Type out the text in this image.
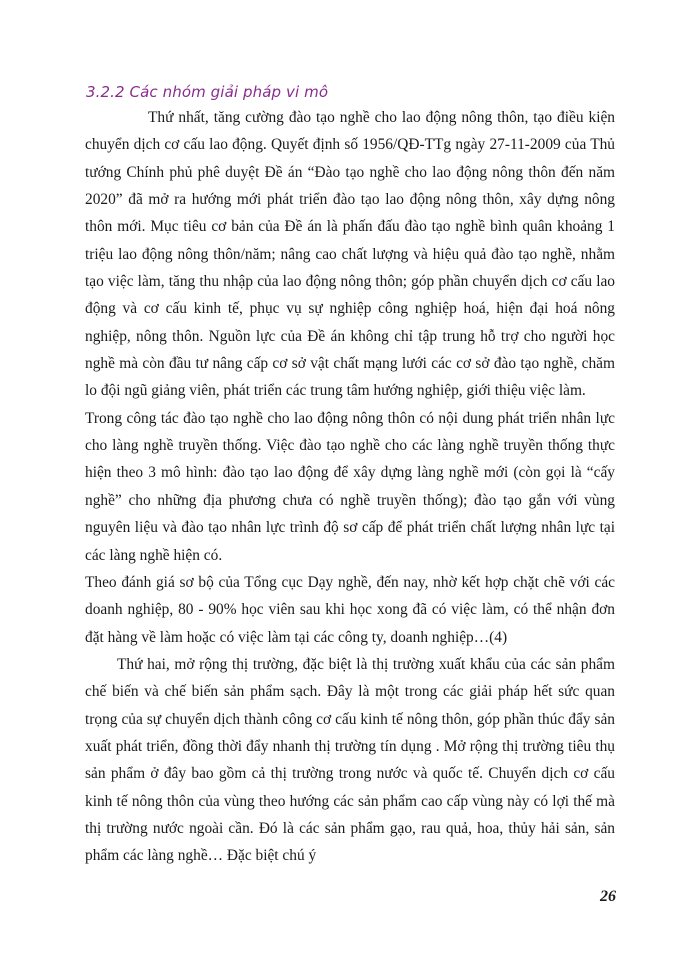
3.2.2 Các nhóm giải pháp vi mô

Thứ nhất, tăng cường đào tạo nghề cho lao động nông thôn, tạo điều kiện chuyển dịch cơ cấu lao động. Quyết định số 1956/QĐ-TTg ngày 27-11-2009 của Thủ tướng Chính phủ phê duyệt Đề án “Đào tạo nghề cho lao động nông thôn đến năm 2020” đã mở ra hướng mới phát triển đào tạo lao động nông thôn, xây dựng nông thôn mới. Mục tiêu cơ bản của Đề án là phấn đấu đào tạo nghề bình quân khoảng 1 triệu lao động nông thôn/năm; nâng cao chất lượng và hiệu quả đào tạo nghề, nhằm tạo việc làm, tăng thu nhập của lao động nông thôn; góp phần chuyển dịch cơ cấu lao động và cơ cấu kinh tế, phục vụ sự nghiệp công nghiệp hoá, hiện đại hoá nông nghiệp, nông thôn. Nguồn lực của Đề án không chỉ tập trung hỗ trợ cho người học nghề mà còn đầu tư nâng cấp cơ sở vật chất mạng lưới các cơ sở đào tạo nghề, chăm lo đội ngũ giảng viên, phát triển các trung tâm hướng nghiệp, giới thiệu việc làm.

Trong công tác đào tạo nghề cho lao động nông thôn có nội dung phát triển nhân lực cho làng nghề truyền thống. Việc đào tạo nghề cho các làng nghề truyền thống thực hiện theo 3 mô hình: đào tạo lao động để xây dựng làng nghề mới (còn gọi là “cấy nghề” cho những địa phương chưa có nghề truyền thống); đào tạo gắn với vùng nguyên liệu và đào tạo nhân lực trình độ sơ cấp để phát triển chất lượng nhân lực tại các làng nghề hiện có.

Theo đánh giá sơ bộ của Tổng cục Dạy nghề, đến nay, nhờ kết hợp chặt chẽ với các doanh nghiệp, 80 - 90% học viên sau khi học xong đã có việc làm, có thể nhận đơn đặt hàng về làm hoặc có việc làm tại các công ty, doanh nghiệp…(4)

Thứ hai, mở rộng thị trường, đặc biệt là thị trường xuất khẩu của các sản phẩm chế biến và chế biến sản phẩm sạch. Đây là một trong các giải pháp hết sức quan trọng của sự chuyển dịch thành công cơ cấu kinh tế nông thôn, góp phần thúc đẩy sản xuất phát triển, đồng thời đẩy nhanh thị trường tín dụng . Mở rộng thị trường tiêu thụ sản phẩm ở đây bao gồm cả thị trường trong nước và quốc tế. Chuyển dịch cơ cấu kinh tế nông thôn của vùng theo hướng các sản phẩm cao cấp vùng này có lợi thế mà thị trường nước ngoài cần. Đó là các sản phẩm gạo, rau quả, hoa, thủy hải sản, sản phẩm các làng nghề… Đặc biệt chú ý

26
